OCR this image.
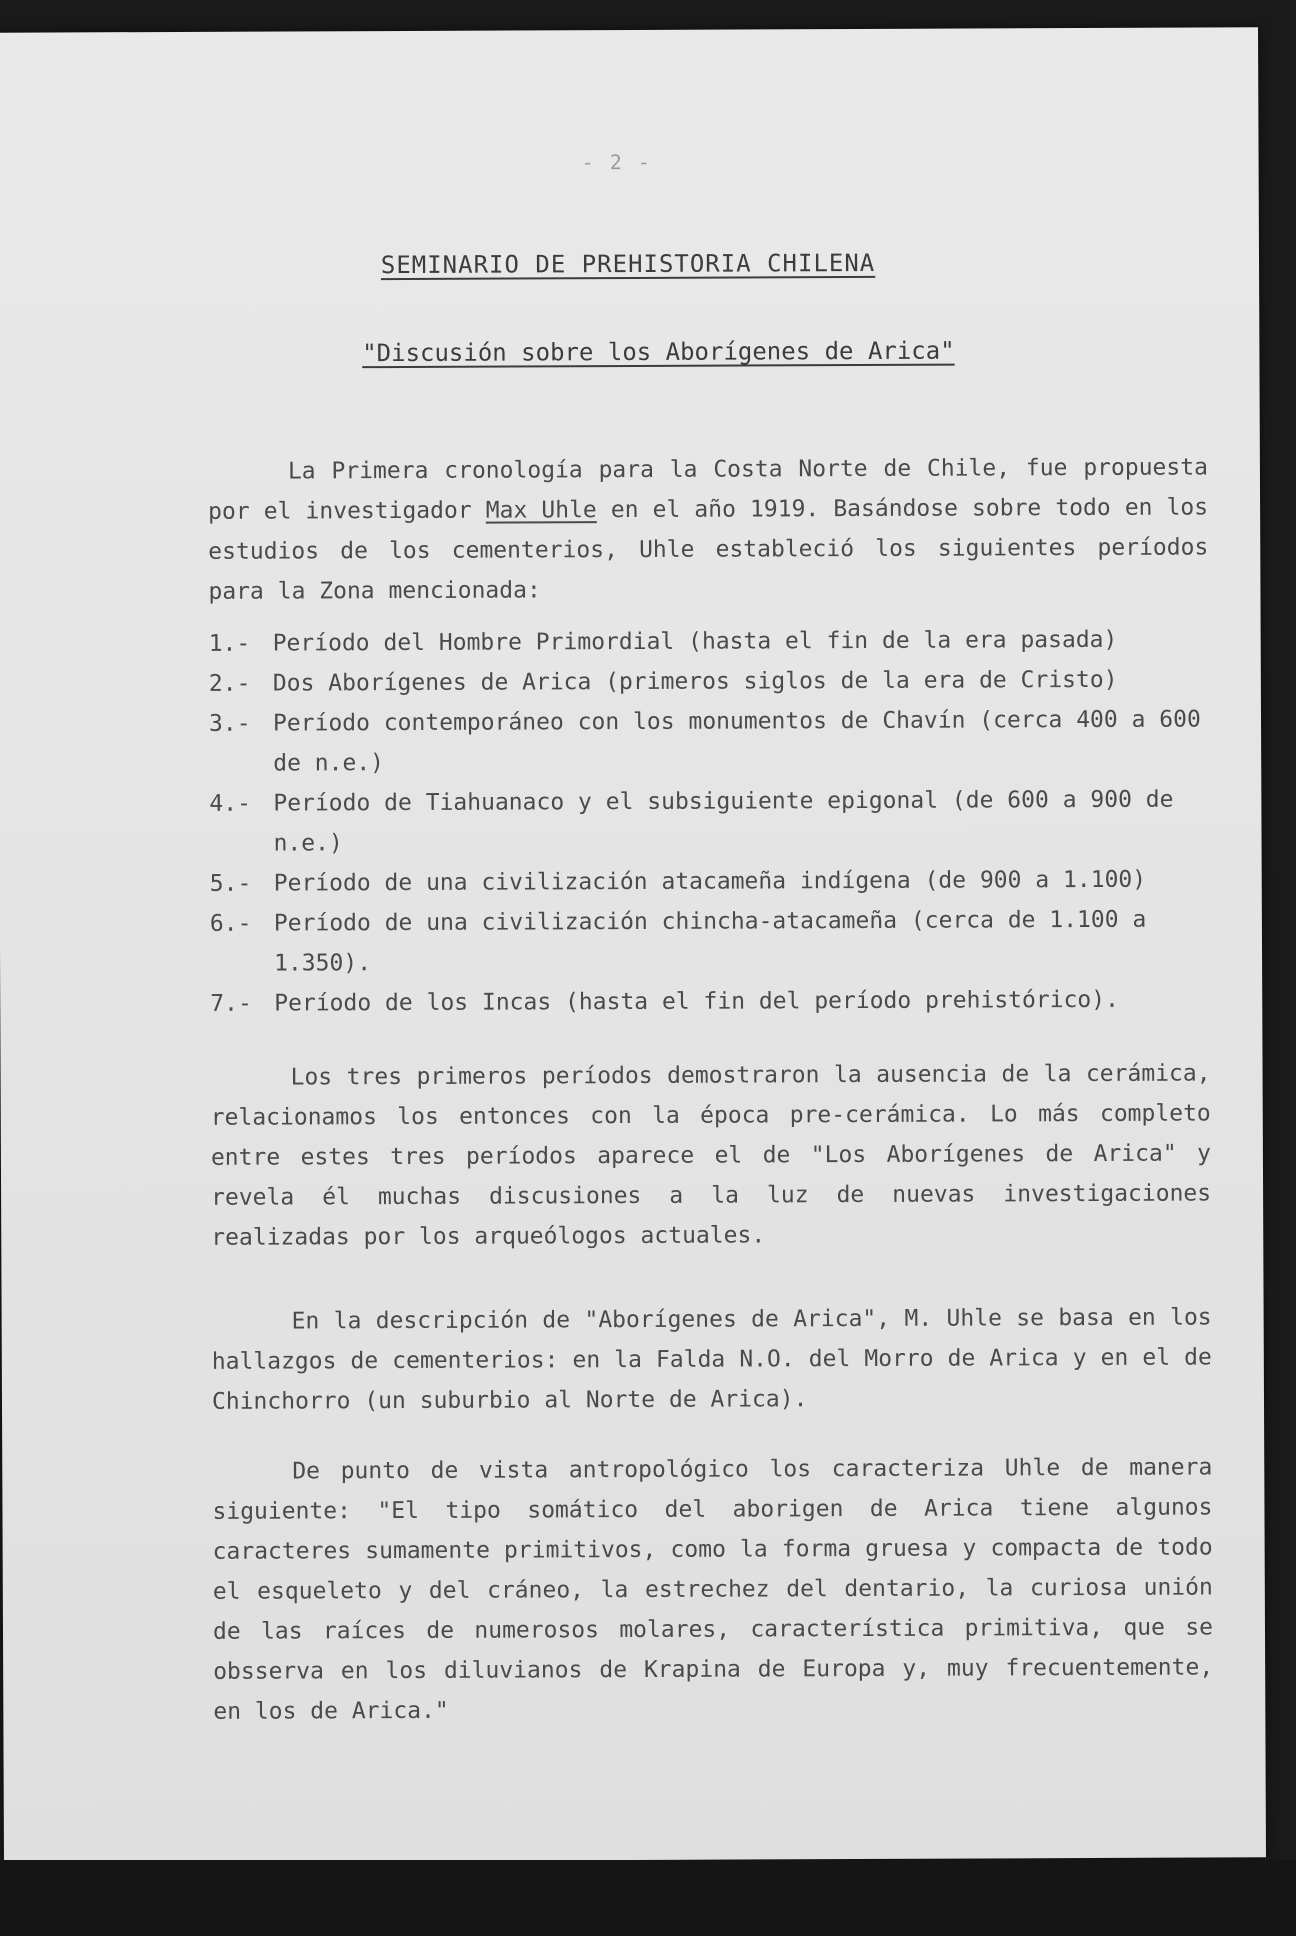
- 2 -
SEMINARIO DE PREHISTORIA CHILENA
"Discusión sobre los Aborígenes de Arica"

La Primera cronología para la Costa Norte de Chile, fue propuesta por el investigador Max Uhle en el año 1919. Basándose sobre todo en los estudios de los cementerios, Uhle estableció los siguientes períodos para la Zona mencionada:

1.- Período del Hombre Primordial (hasta el fin de la era pasada)
2.- Dos Aborígenes de Arica (primeros siglos de la era de Cristo)
3.- Período contemporáneo con los monumentos de Chavín (cerca 400 a 600 de n.e.)
4.- Período de Tiahuanaco y el subsiguiente epigonal (de 600 a 900 de n.e.)
5.- Período de una civilización atacameña indígena (de 900 a 1.100)
6.- Período de una civilización chincha-atacameña (cerca de 1.100 a 1.350).
7.- Período de los Incas (hasta el fin del período prehistórico).

Los tres primeros períodos demostraron la ausencia de la cerámica, relacionamos los entonces con la época pre-cerámica. Lo más completo entre estes tres períodos aparece el de "Los Aborígenes de Arica" y revela él muchas discusiones a la luz de nuevas investigaciones realizadas por los arqueólogos actuales.

En la descripción de "Aborígenes de Arica", M. Uhle se basa en los hallazgos de cementerios: en la Falda N.O. del Morro de Arica y en el de Chinchorro (un suburbio al Norte de Arica).

De punto de vista antropológico los caracteriza Uhle de manera siguiente: "El tipo somático del aborigen de Arica tiene algunos caracteres sumamente primitivos, como la forma gruesa y compacta de todo el esqueleto y del cráneo, la estrechez del dentario, la curiosa unión de las raíces de numerosos molares, característica primitiva, que se obsserva en los diluvianos de Krapina de Europa y, muy frecuentemente, en los de Arica."
